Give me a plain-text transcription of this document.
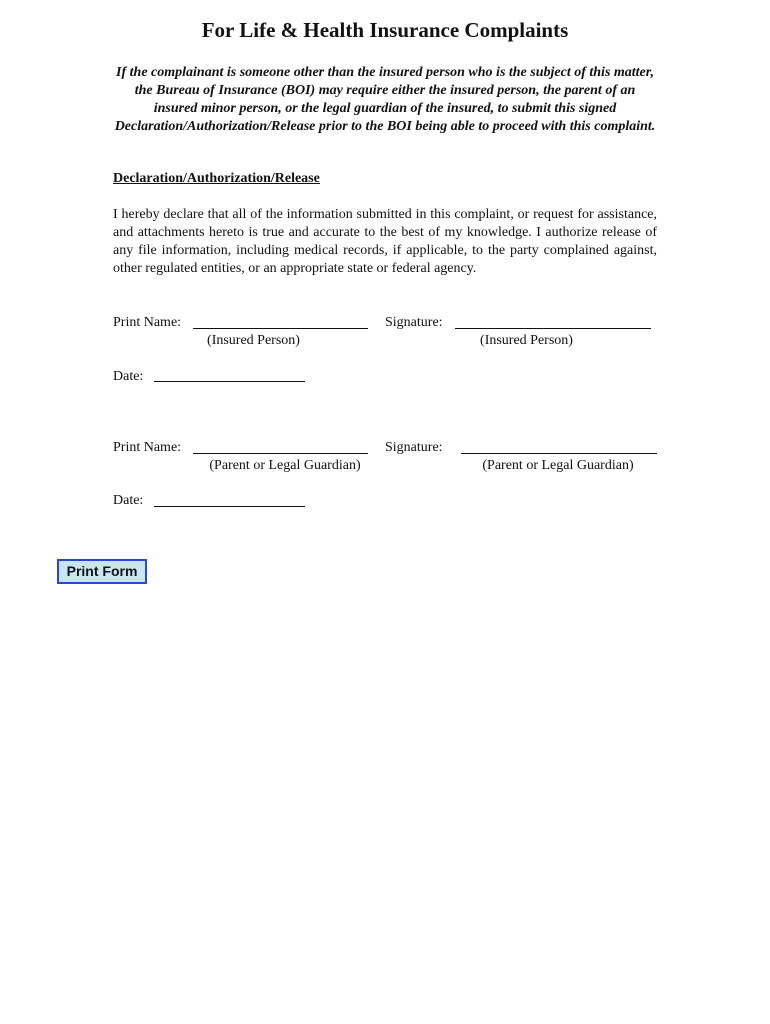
For Life & Health Insurance Complaints

If the complainant is someone other than the insured person who is the subject of this matter, the Bureau of Insurance (BOI) may require either the insured person, the parent of an insured minor person, or the legal guardian of the insured, to submit this signed Declaration/Authorization/Release prior to the BOI being able to proceed with this complaint.

Declaration/Authorization/Release

I hereby declare that all of the information submitted in this complaint, or request for assistance, and attachments hereto is true and accurate to the best of my knowledge. I authorize release of any file information, including medical records, if applicable, to the party complained against, other regulated entities, or an appropriate state or federal agency.

Print Name:
(Insured Person)
Signature:
(Insured Person)
Date:
Print Name:
(Parent or Legal Guardian)
Signature:
(Parent or Legal Guardian)
Date:
Print Form
